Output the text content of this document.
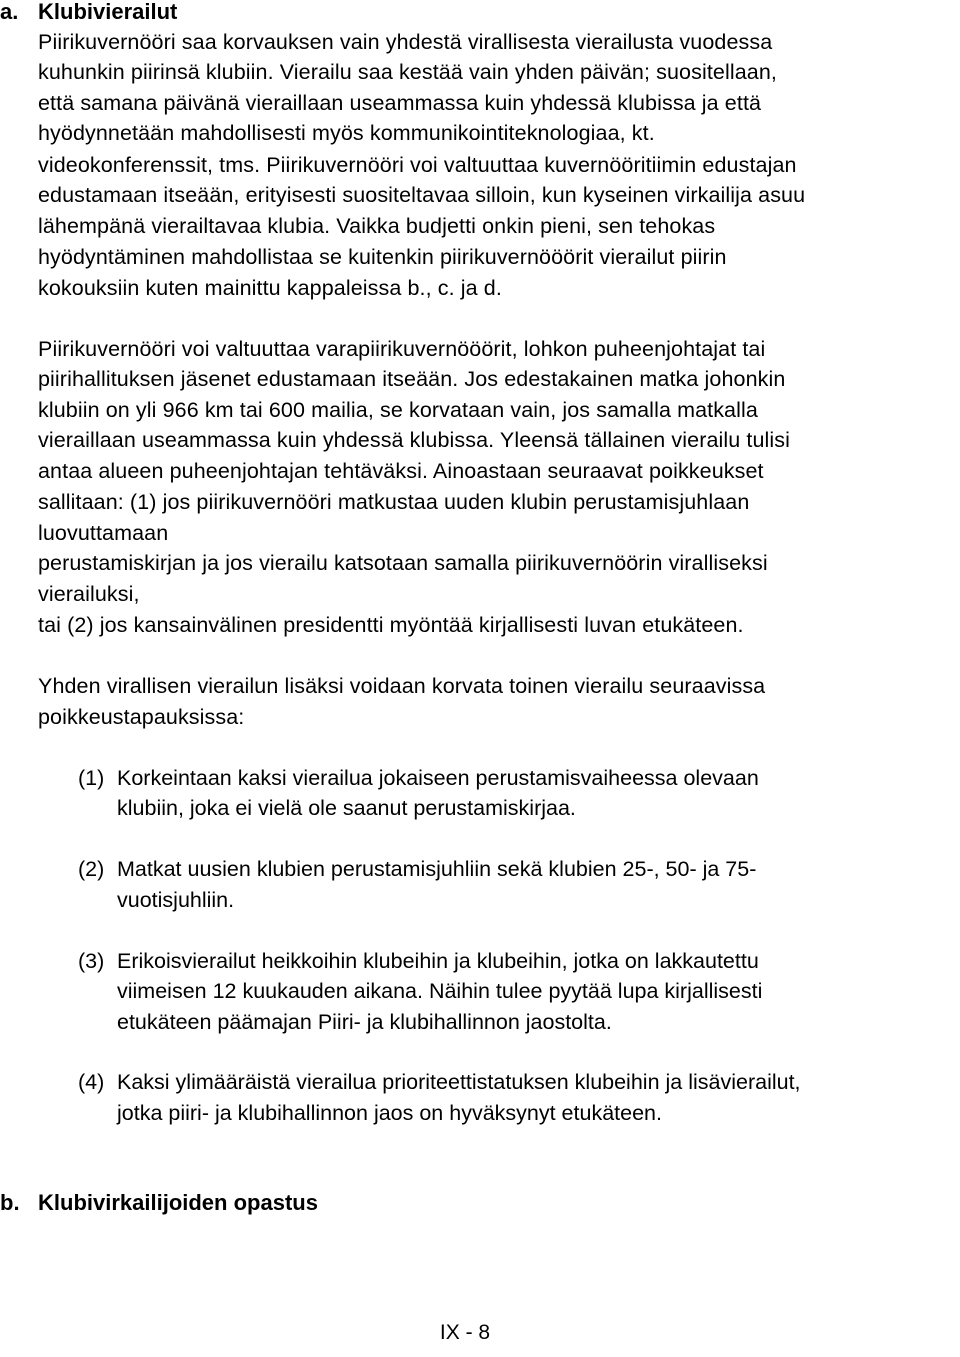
a. Klubivierailut
Piirikuvernööri saa korvauksen vain yhdestä virallisesta vierailusta vuodessa
kuhunkin piirinsä klubiin. Vierailu saa kestää vain yhden päivän; suositellaan,
että samana päivänä vieraillaan useammassa kuin yhdessä klubissa ja että
hyödynnetään mahdollisesti myös kommunikointiteknologiaa, kt.
videokonferenssit, tms. Piirikuvernööri voi valtuuttaa kuvernööritiimin edustajan
edustamaan itseään, erityisesti suositeltavaa silloin, kun kyseinen virkailija asuu
lähempänä vierailtavaa klubia. Vaikka budjetti onkin pieni, sen tehokas
hyödyntäminen mahdollistaa se kuitenkin piirikuvernööörit vierailut piirin
kokouksiin kuten mainittu kappaleissa b., c. ja d.
Piirikuvernööri voi valtuuttaa varapiirikuvernööörit, lohkon puheenjohtajat tai
piirihallituksen jäsenet edustamaan itseään. Jos edestakainen matka johonkin
klubiin on yli 966 km tai 600 mailia, se korvataan vain, jos samalla matkalla
vieraillaan useammassa kuin yhdessä klubissa. Yleensä tällainen vierailu tulisi
antaa alueen puheenjohtajan tehtäväksi. Ainoastaan seuraavat poikkeukset
sallitaan: (1) jos piirikuvernööri matkustaa uuden klubin perustamisjuhlaan
luovuttamaan
perustamiskirjan ja jos vierailu katsotaan samalla piirikuvernöörin viralliseksi
vierailuksi,
tai (2) jos kansainvälinen presidentti myöntää kirjallisesti luvan etukäteen.
Yhden virallisen vierailun lisäksi voidaan korvata toinen vierailu seuraavissa
poikkeustapauksissa:
(1) Korkeintaan kaksi vierailua jokaiseen perustamisvaiheessa olevaan
klubiin, joka ei vielä ole saanut perustamiskirjaa.
(2) Matkat uusien klubien perustamisjuhliin sekä klubien 25-, 50- ja 75-
vuotisjuhliin.
(3) Erikoisvierailut heikkoihin klubeihin ja klubeihin, jotka on lakkautettu
viimeisen 12 kuukauden aikana. Näihin tulee pyytää lupa kirjallisesti
etukäteen päämajan Piiri- ja klubihallinnon jaostolta.
(4) Kaksi ylimääräistä vierailua prioriteettistatuksen klubeihin ja lisävierailut,
jotka piiri- ja klubihallinnon jaos on hyväksynyt etukäteen.
b. Klubivirkailijoiden opastus
IX - 8
